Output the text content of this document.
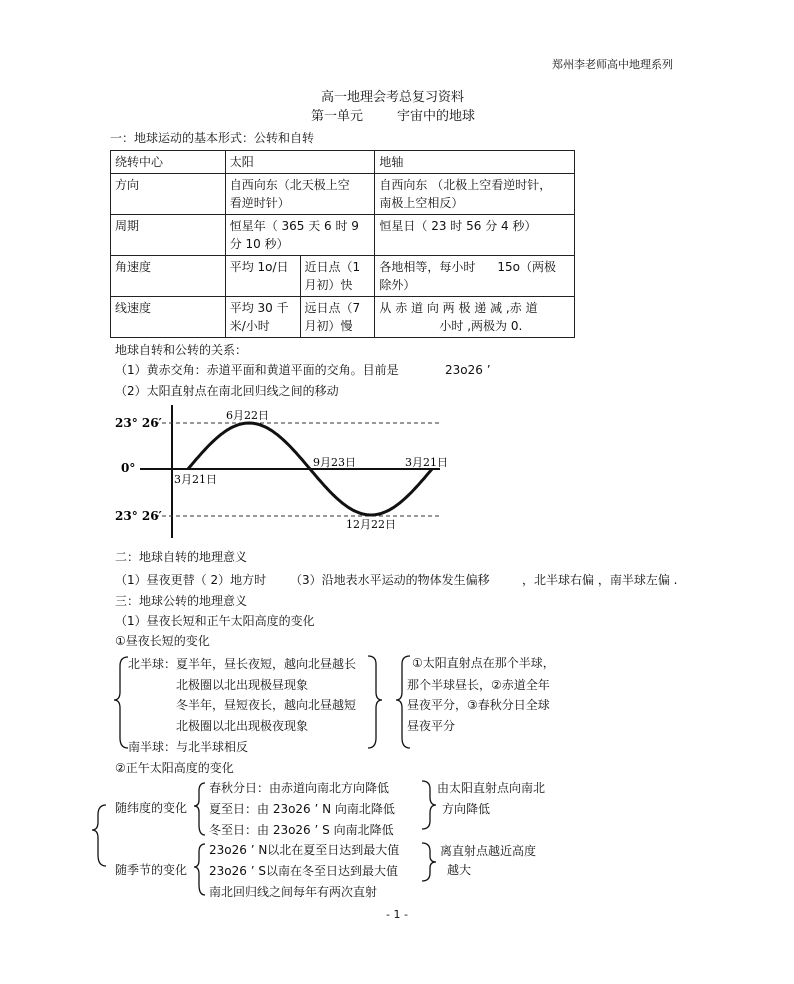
郑州李老师高中地理系列
高一地理会考总复习资料
第一单元	宇宙中的地球
一：地球运动的基本形式：公转和自转
绕转中心	太阳		地轴
方向	自西向东（北天极上空
看逆时针）		自西向东 （北极上空看逆时针，
南极上空相反）
周期	恒星年（ 365 天 6 时 9
分 10 秒）		恒星日（ 23 时 56 分 4 秒）
角速度	平均 1o/日	近日点（1
月初）快	各地相等，每小时 15o（两极
除外）
线速度	平均 30 千
米/小时	远日点（7
月初）慢	从 赤 道 向 两 极 递 减 ,赤 道
小时 ,两极为 0.
地球自转和公转的关系：
（1）黄赤交角：赤道平面和黄道平面的交角。目前是	23o26 ’
（2）太阳直射点在南北回归线之间的移动
23° 26′
0°
23° 26′
3月21日
6月22日
9月23日
12月22日
3月21日
二：地球自转的地理意义
（1）昼夜更替（ 2）地方时 （3）沿地表水平运动的物体发生偏移	，北半球右偏 ，南半球左偏 .
三：地球公转的地理意义
（1）昼夜长短和正午太阳高度的变化
①昼夜长短的变化
北半球：夏半年，昼长夜短，越向北昼越长
北极圈以北出现极昼现象
冬半年，昼短夜长，越向北昼越短
北极圈以北出现极夜现象
南半球：与北半球相反
①太阳直射点在那个半球，
那个半球昼长，②赤道全年
昼夜平分，③春秋分日全球
昼夜平分
②正午太阳高度的变化
随纬度的变化
春秋分日：由赤道向南北方向降低
夏至日：由 23o26 ’ N 向南北降低
冬至日：由 23o26 ’ S 向南北降低
由太阳直射点向南北
方向降低
随季节的变化
23o26 ’ N以北在夏至日达到最大值
23o26 ’ S以南在冬至日达到最大值
南北回归线之间每年有两次直射
离直射点越近高度
越大
- 1 -
